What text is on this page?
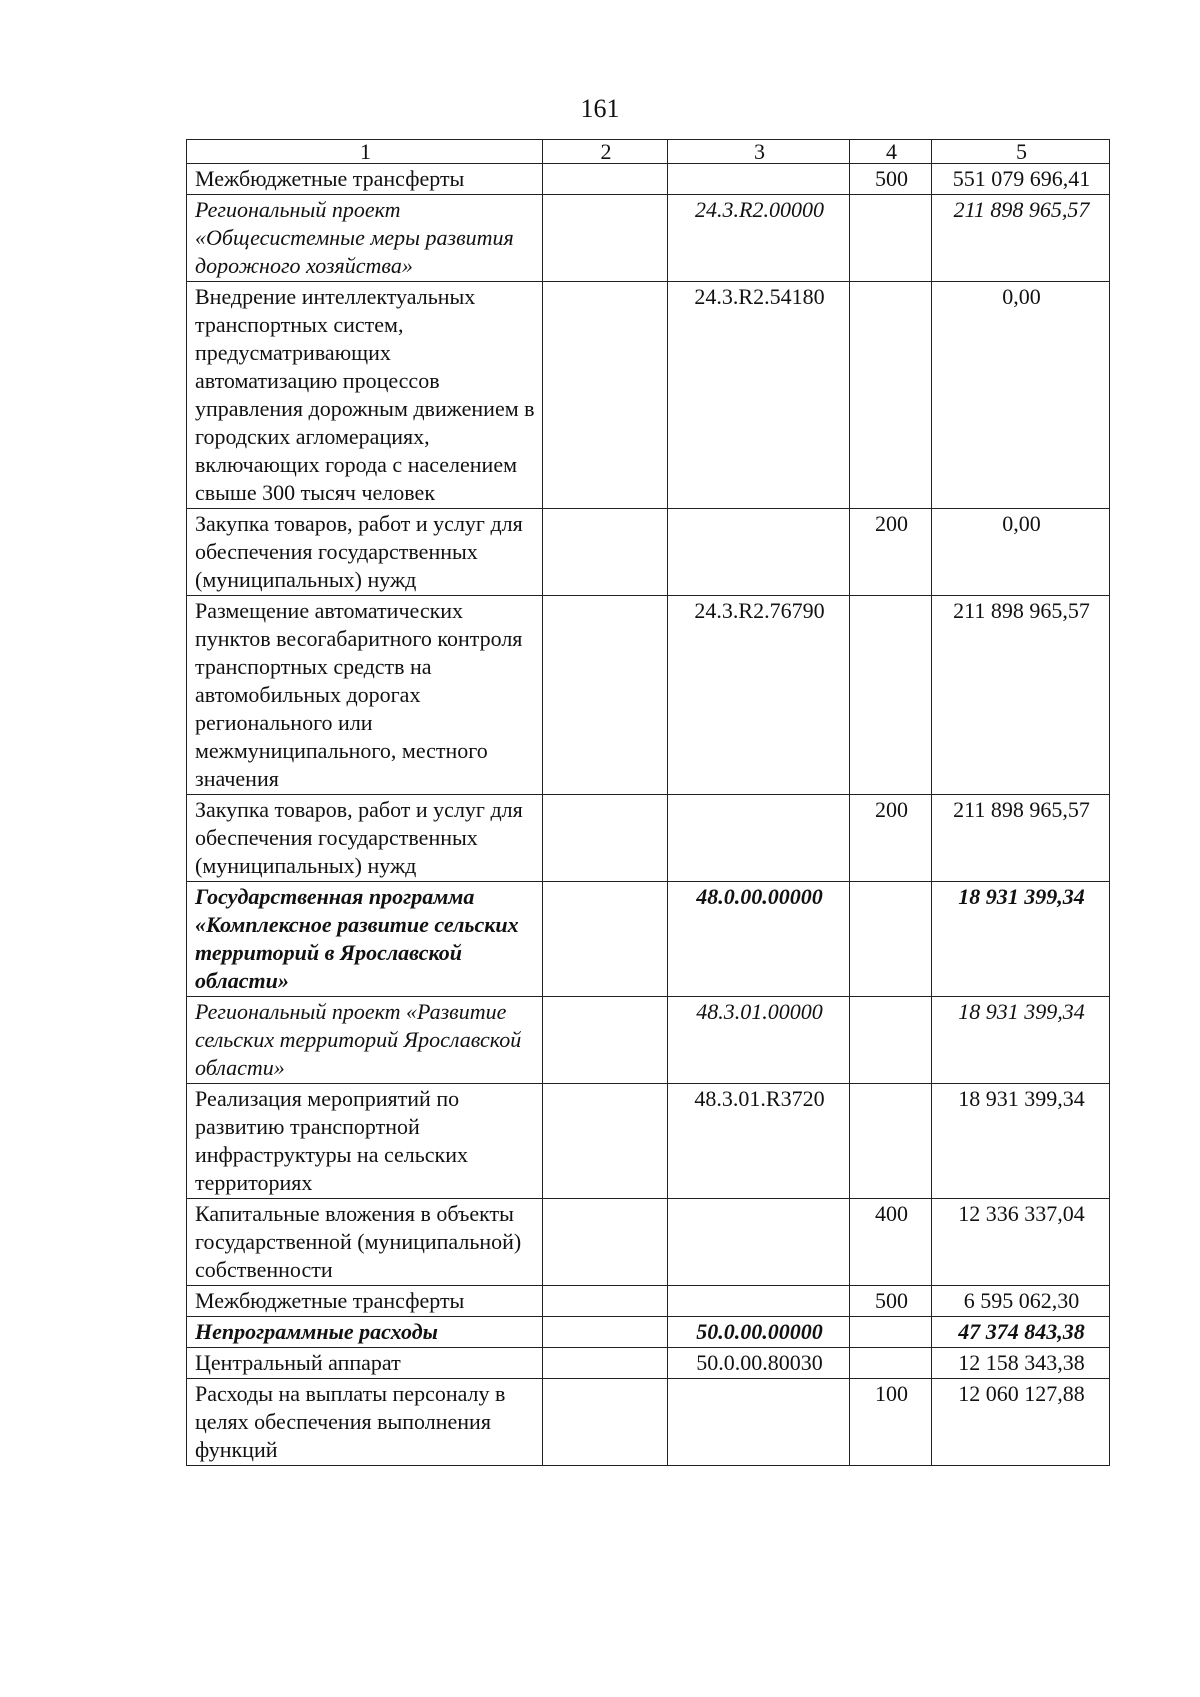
161
1	2	3	4	5
Межбюджетные трансферты			500	551 079 696,41
Региональный проект «Общесистемные меры развития дорожного хозяйства»		24.3.R2.00000		211 898 965,57
Внедрение интеллектуальных транспортных систем, предусматривающих автоматизацию процессов управления дорожным движением в городских агломерациях, включающих города с населением свыше 300 тысяч человек		24.3.R2.54180		0,00
Закупка товаров, работ и услуг для обеспечения государственных (муниципальных) нужд			200	0,00
Размещение автоматических пунктов весогабаритного контроля транспортных средств на автомобильных дорогах регионального или межмуниципального, местного значения		24.3.R2.76790		211 898 965,57
Закупка товаров, работ и услуг для обеспечения государственных (муниципальных) нужд			200	211 898 965,57
Государственная программа «Комплексное развитие сельских территорий в Ярославской области»		48.0.00.00000		18 931 399,34
Региональный проект «Развитие сельских территорий Ярославской области»		48.3.01.00000		18 931 399,34
Реализация мероприятий по развитию транспортной инфраструктуры на сельских территориях		48.3.01.R3720		18 931 399,34
Капитальные вложения в объекты государственной (муниципальной) собственности			400	12 336 337,04
Межбюджетные трансферты			500	6 595 062,30
Непрограммные расходы		50.0.00.00000		47 374 843,38
Центральный аппарат		50.0.00.80030		12 158 343,38
Расходы на выплаты персоналу в целях обеспечения выполнения функций			100	12 060 127,88
